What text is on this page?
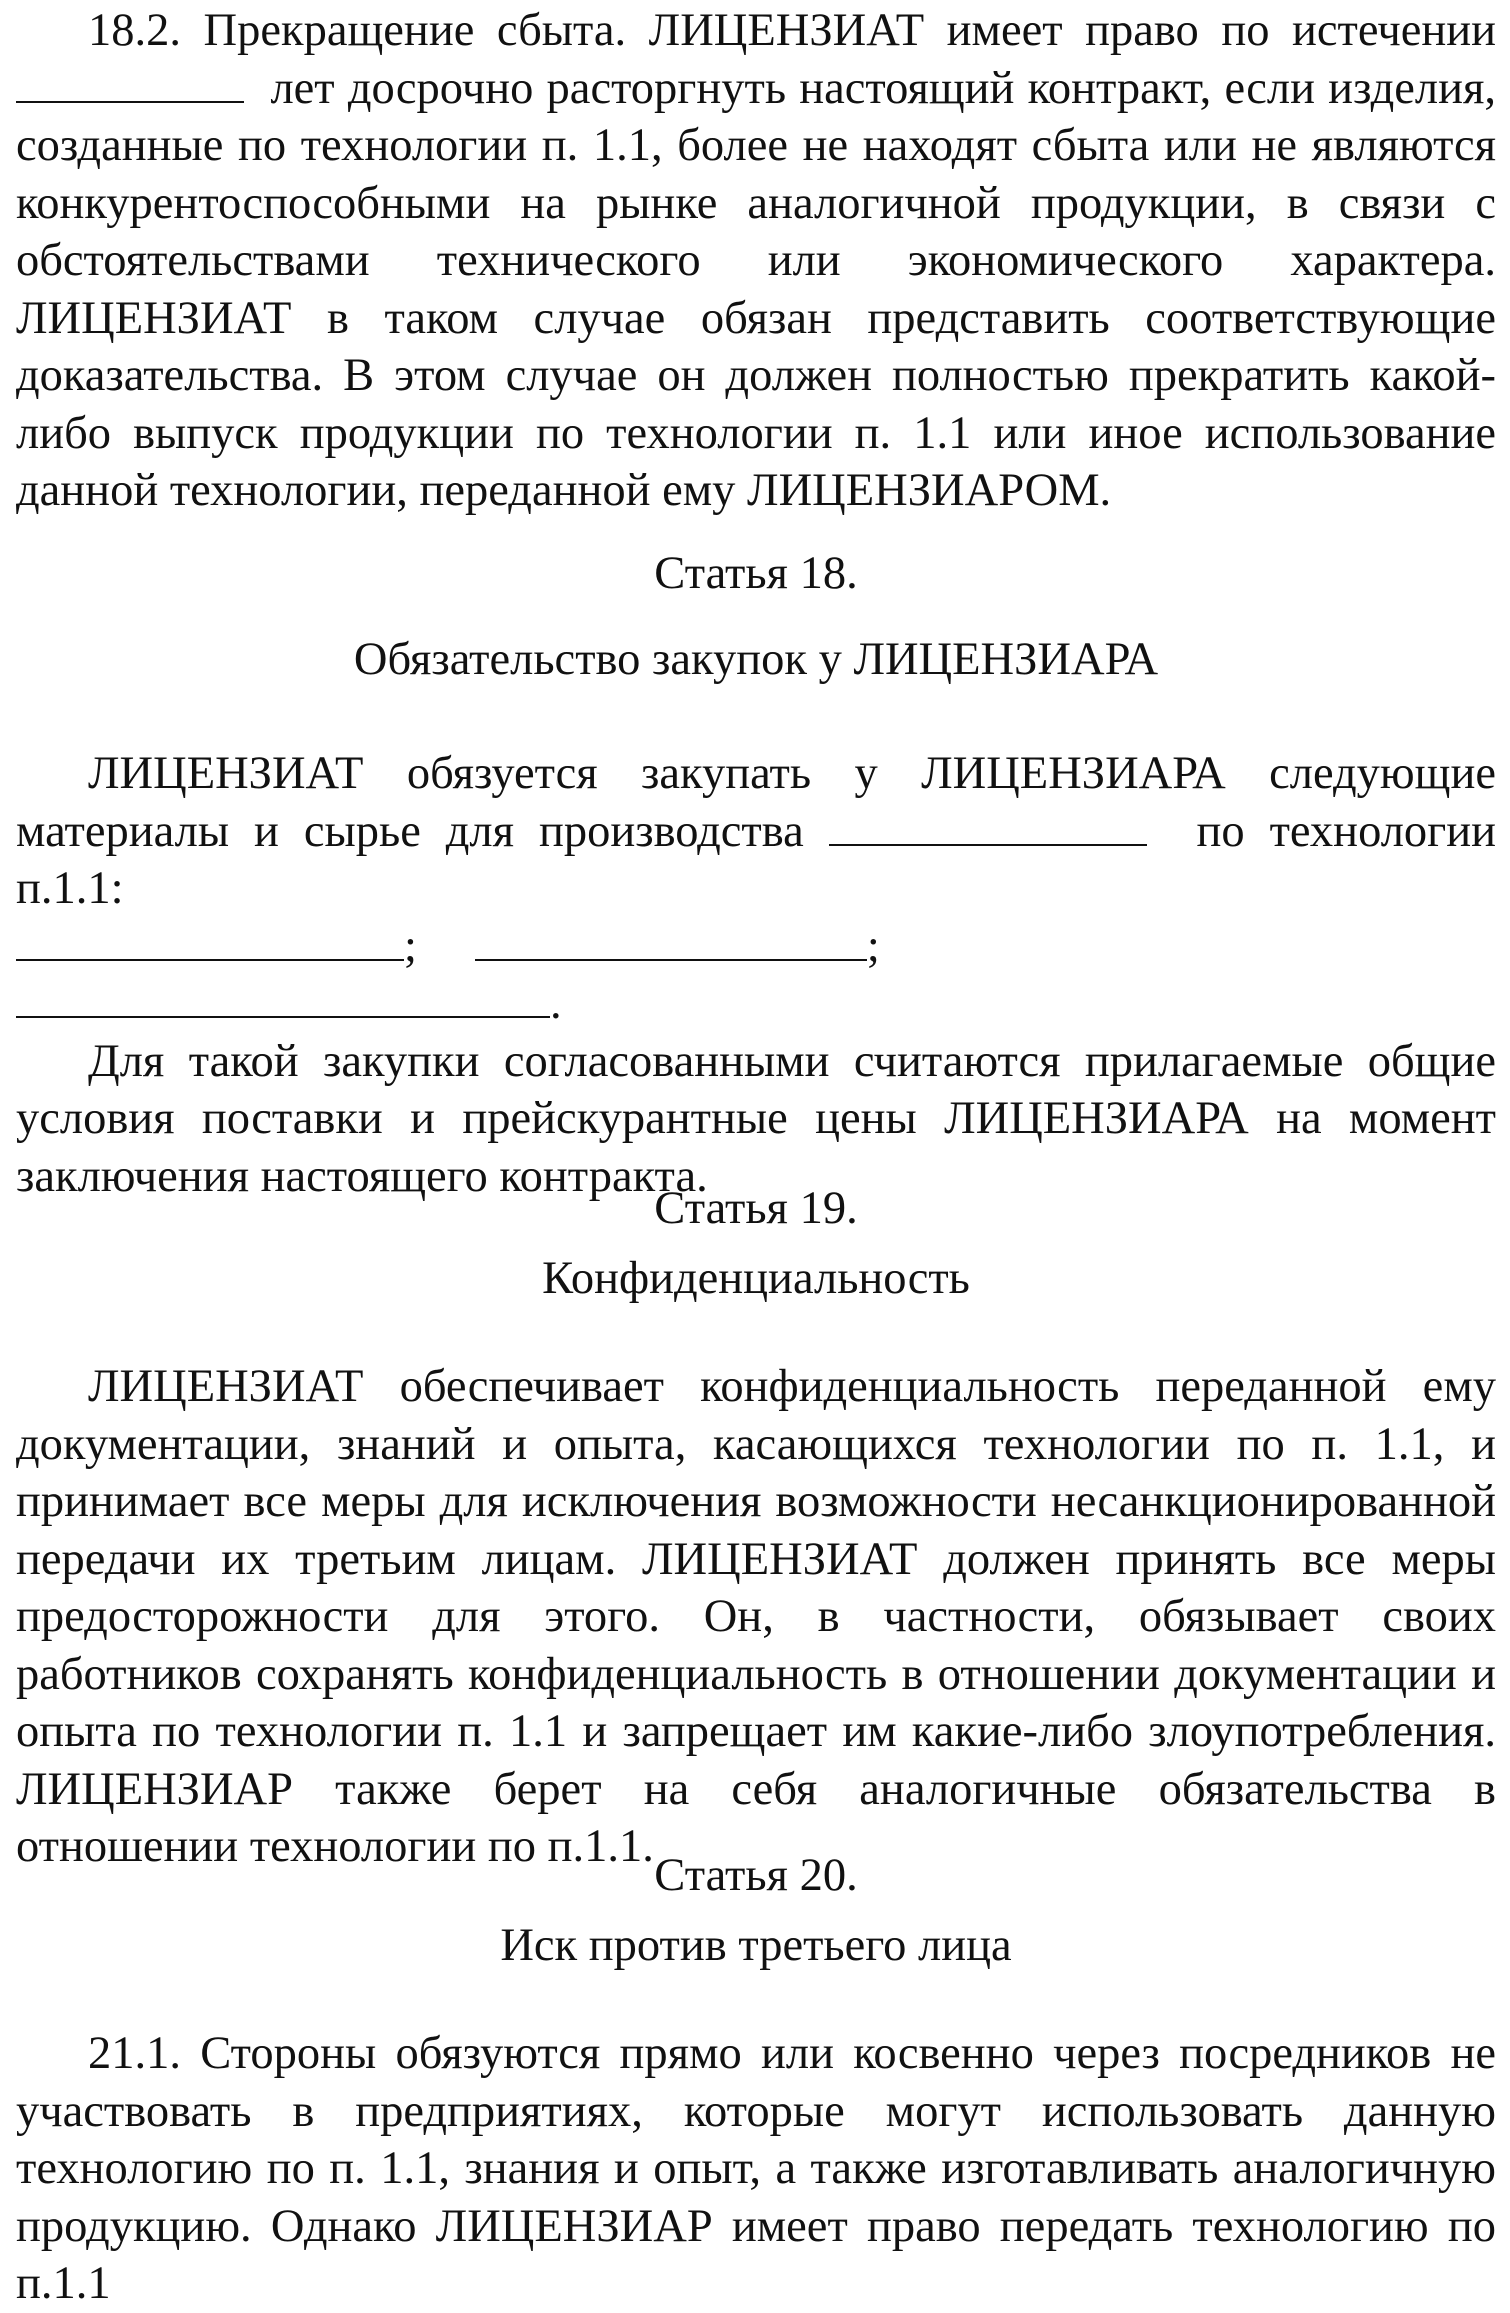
18.2. Прекращение сбыта. ЛИЦЕНЗИАТ имеет право по истечении

лет досрочно расторгнуть настоящий контракт, если изделия, созданные по технологии п. 1.1, более не находят сбыта или не являются конкурентоспособными на рынке аналогичной продукции, в связи с обстоятельствами технического или экономического характера. ЛИЦЕНЗИАТ в таком случае обязан представить соответствующие доказательства. В этом случае он должен полностью прекратить какой-либо выпуск продукции по технологии п. 1.1 или иное использование данной технологии, переданной ему ЛИЦЕНЗИАРОМ.

Статья 18.

Обязательство закупок у ЛИЦЕНЗИАРА

ЛИЦЕНЗИАТ обязуется закупать у ЛИЦЕНЗИАРА следующие материалы и сырье для производства	по технологии п.1.1:

;	;

.

Для такой закупки согласованными считаются прилагаемые общие условия поставки и прейскурантные цены ЛИЦЕНЗИАРА на момент заключения настоящего контракта.

Статья 19.

Конфиденциальность

ЛИЦЕНЗИАТ обеспечивает конфиденциальность переданной ему документации, знаний и опыта, касающихся технологии по п. 1.1, и принимает все меры для исключения возможности несанкционированной передачи их третьим лицам. ЛИЦЕНЗИАТ должен принять все меры предосторожности для этого. Он, в частности, обязывает своих работников сохранять конфиденциальность в отношении документации и опыта по технологии п. 1.1 и запрещает им какие-либо злоупотребления. ЛИЦЕНЗИАР также берет на себя аналогичные обязательства в отношении технологии по п.1.1.

Статья 20.

Иск против третьего лица

21.1. Стороны обязуются прямо или косвенно через посредников не участвовать в предприятиях, которые могут использовать данную технологию по п. 1.1, знания и опыт, а также изготавливать аналогичную продукцию. Однако ЛИЦЕНЗИАР имеет право передать технологию по п.1.1
